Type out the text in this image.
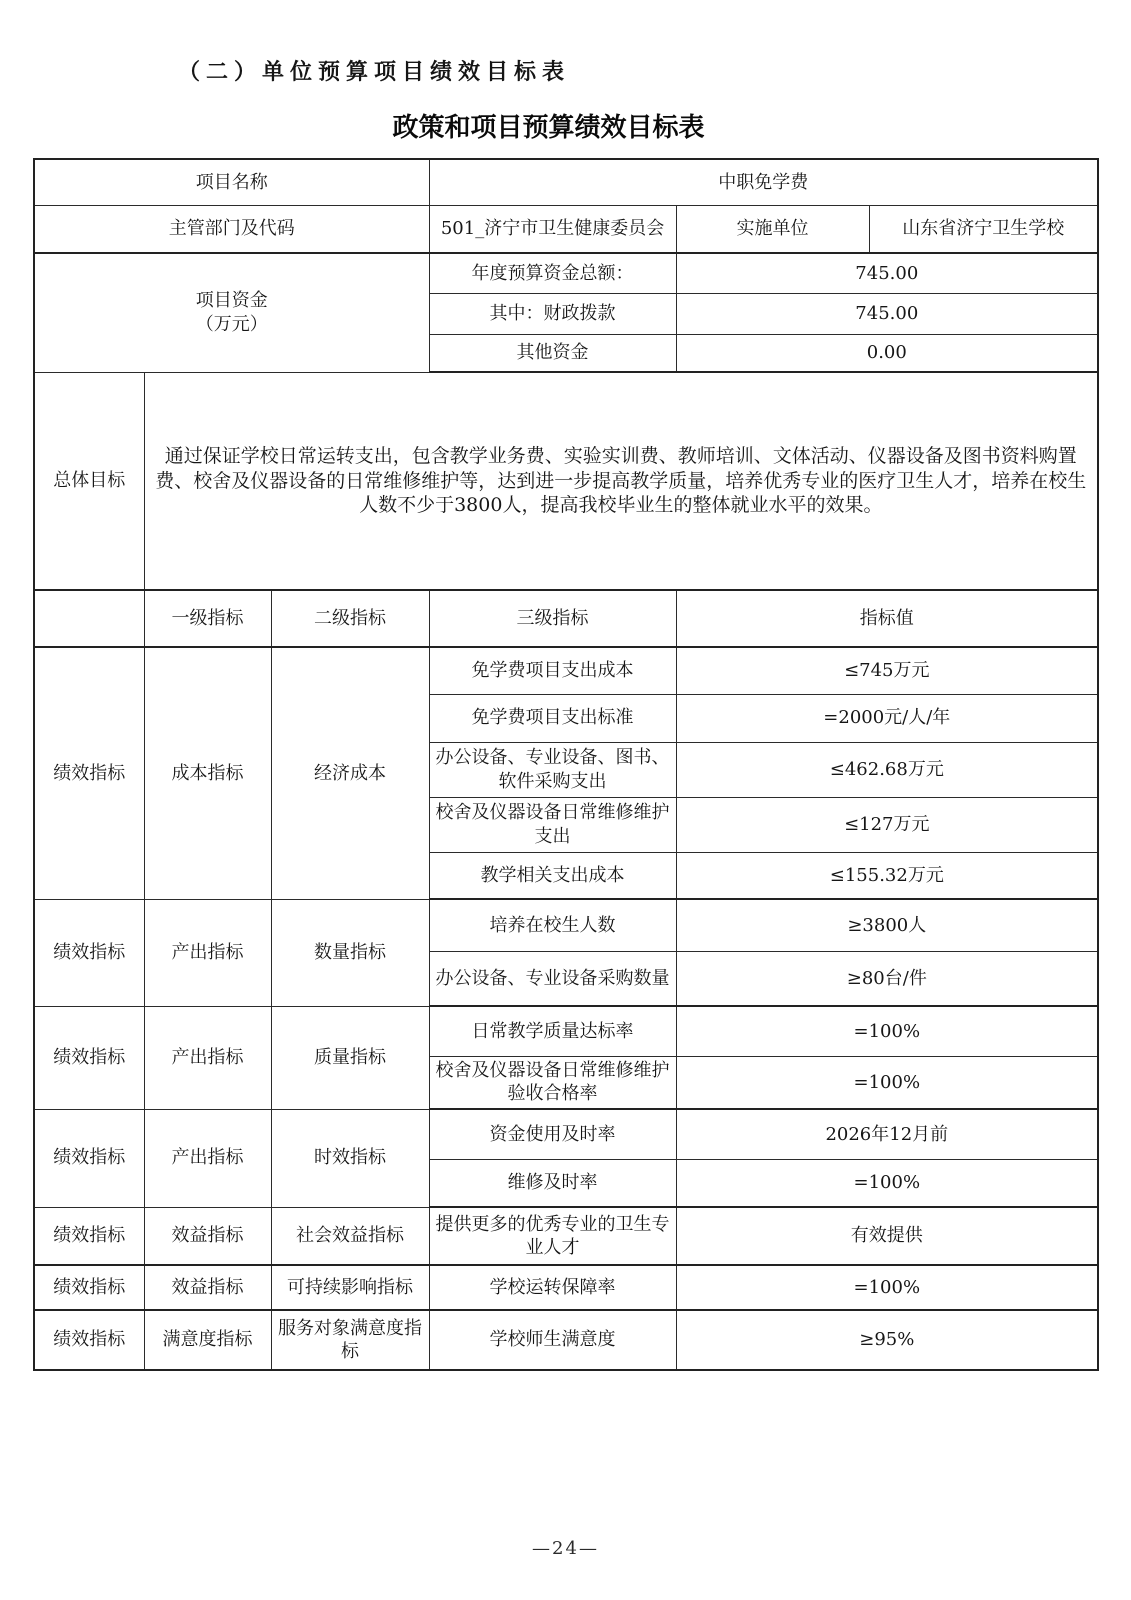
（二）单位预算项目绩效目标表
政策和项目预算绩效目标表
项目名称			中职免学费		
主管部门及代码			501_济宁市卫生健康委员会	实施单位	山东省济宁卫生学校
项目资金
（万元）			年度预算资金总额：	745.00	
			其中：财政拨款	745.00	
			其他资金	0.00	
总体目标	通过保证学校日常运转支出，包含教学业务费、实验实训费、教师培训、文体活动、仪器设备及图书资料购置费、校舍及仪器设备的日常维修维护等，达到进一步提高教学质量，培养优秀专业的医疗卫生人才，培养在校生人数不少于3800人，提高我校毕业生的整体就业水平的效果。				
	一级指标	二级指标	三级指标	指标值	
绩效指标	成本指标	经济成本	免学费项目支出成本	≤745万元	
			免学费项目支出标准	=2000元/人/年	
			办公设备、专业设备、图书、软件采购支出	≤462.68万元	
			校舍及仪器设备日常维修维护支出	≤127万元	
			教学相关支出成本	≤155.32万元	
绩效指标	产出指标	数量指标	培养在校生人数	≥3800人	
			办公设备、专业设备采购数量	≥80台/件	
绩效指标	产出指标	质量指标	日常教学质量达标率	=100%	
			校舍及仪器设备日常维修维护验收合格率	=100%	
绩效指标	产出指标	时效指标	资金使用及时率	2026年12月前	
			维修及时率	=100%	
绩效指标	效益指标	社会效益指标	提供更多的优秀专业的卫生专业人才	有效提供	
绩效指标	效益指标	可持续影响指标	学校运转保障率	=100%	
绩效指标	满意度指标	服务对象满意度指标	学校师生满意度	≥95%	
—24—
